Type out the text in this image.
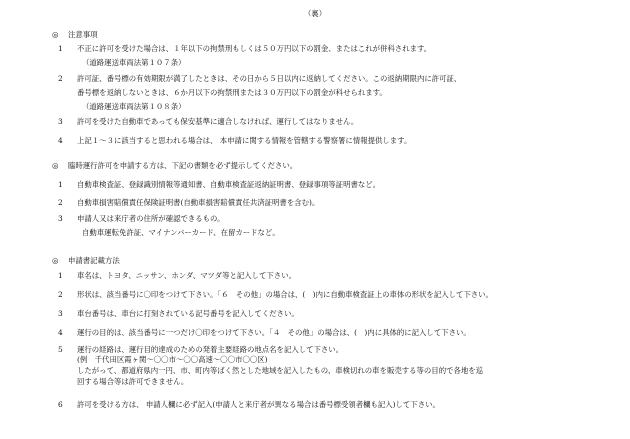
（裏）
◎ 注意事項
1	不正に許可を受けた場合は、１年以下の拘禁刑もしくは５０万円以下の罰金、またはこれが併科されます。
（道路運送車両法第１０７条）
2	許可証、番号標の有効期限が満了したときは、その日から５日以内に返納してください。この返納期限内に許可証、
番号標を返納しないときは、６か月以下の拘禁刑または３０万円以下の罰金が科せられます。
（道路運送車両法第１０８条）
3	許可を受けた自動車であっても保安基準に適合しなければ、運行してはなりません。
4	上記１～３に該当すると思われる場合は、 本申請に関する情報を管轄する警察署に情報提供します。
◎ 臨時運行許可を申請する方は、下記の書類を必ず提示してください。
1	自動車検査証、登録識別情報等通知書、自動車検査証返納証明書、登録事項等証明書など。
2	自動車損害賠償責任保険証明書(自動車損害賠償責任共済証明書を含む)。
3	申請人又は来庁者の住所が確認できるもの。
自動車運転免許証、マイナンバーカード、在留カードなど。
◎ 申請書記載方法
1	車名は、トヨタ、ニッサン、ホンダ、マツダ等と記入して下さい。
2	形状は、該当番号に〇印をつけて下さい。「６　その他」の場合は、(　)内に自動車検査証上の車体の形状を記入して下さい。
3	車台番号は、車台に打刻されている記号番号を記入してください。
4	運行の目的は、該当番号に一つだけ〇印をつけて下さい。「４　その他」の場合は、(　)内に具体的に記入して下さい。
5	運行の経路は、運行目的達成のための発着主要経路の地点名を記入して下さい。
(例　千代田区霞ヶ関～〇〇市～〇〇高速～〇〇市〇〇区)
したがって、都道府県内一円、市、町内等ばく然とした地域を記入したもの、車検切れの車を販売する等の目的で各地を巡
回する場合等は許可できません。
6	許可を受ける方は、 申請人欄に必ず記入(申請人と来庁者が異なる場合は番号標受領者欄も記入)して下さい。
